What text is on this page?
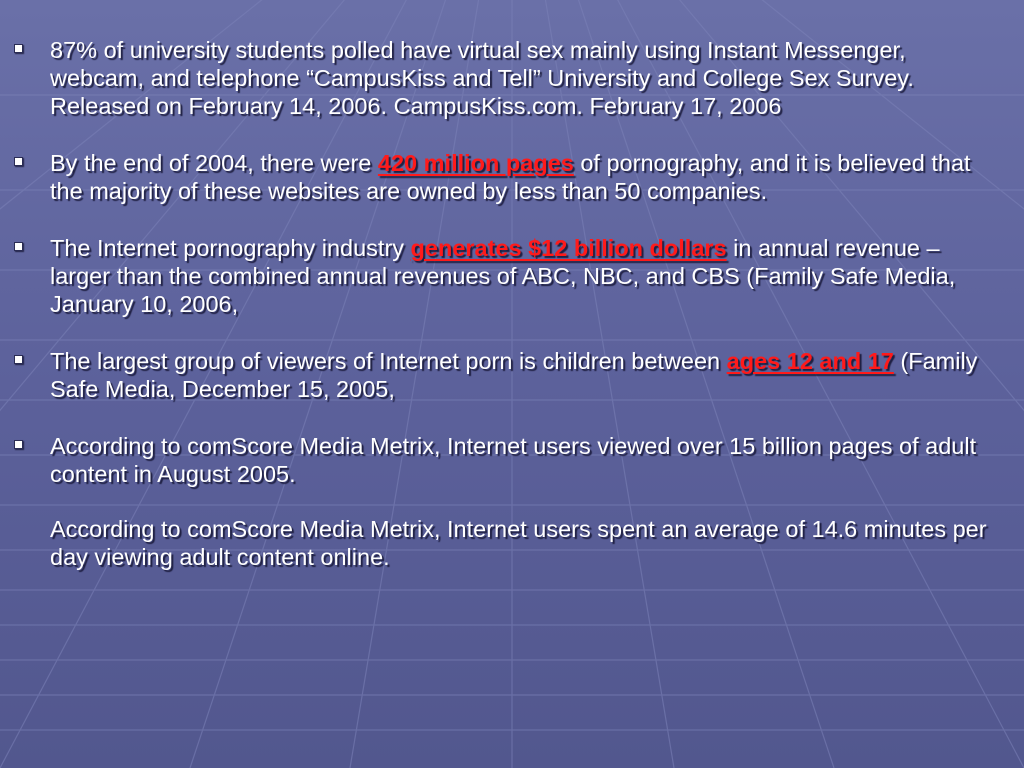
87% of university students polled have virtual sex mainly using Instant Messenger, webcam, and telephone “CampusKiss and Tell” University and College Sex Survey. Released on February 14, 2006. CampusKiss.com. February 17, 2006
By the end of 2004, there were 420 million pages of pornography, and it is believed that the majority of these websites are owned by less than 50 companies.
The Internet pornography industry generates $12 billion dollars in annual revenue – larger than the combined annual revenues of ABC, NBC, and CBS (Family Safe Media, January 10, 2006,
The largest group of viewers of Internet porn is children between ages 12 and 17 (Family Safe Media, December 15, 2005,
According to comScore Media Metrix, Internet users viewed over 15 billion pages of adult content in August 2005.
According to comScore Media Metrix, Internet users spent an average of 14.6 minutes per day viewing adult content online.
